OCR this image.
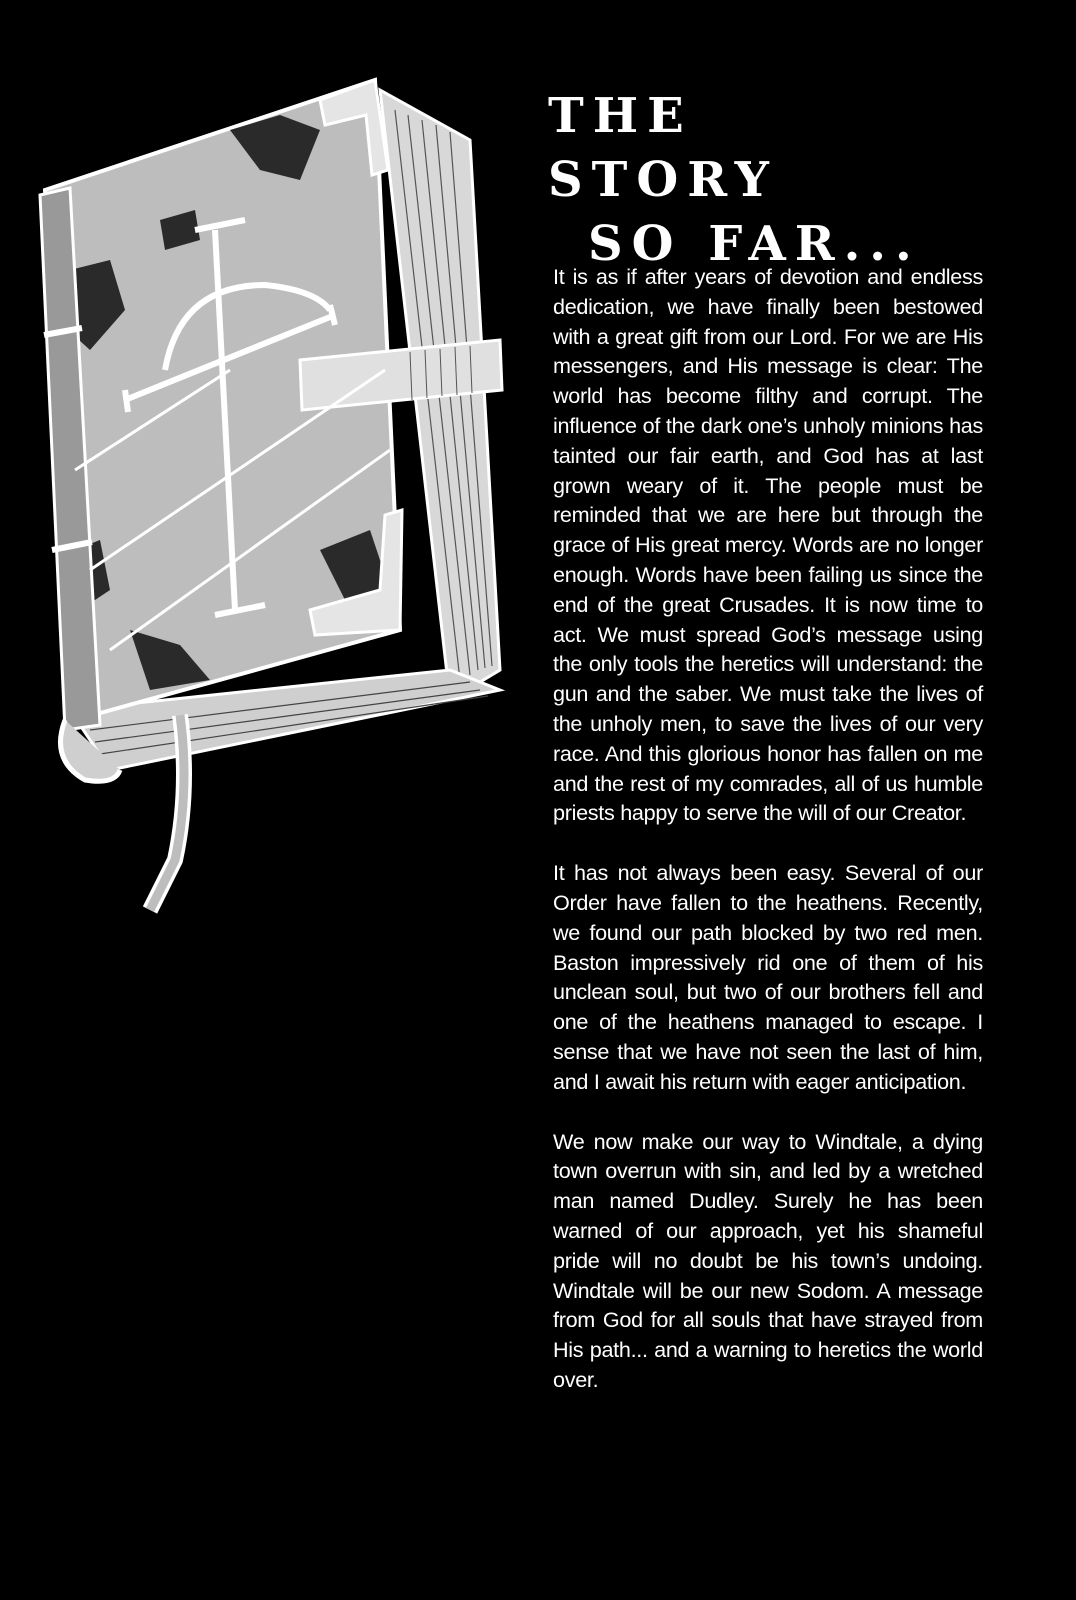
THE STORY
SO FAR...

It is as if after years of devotion and endless dedication, we have finally been bestowed with a great gift from our Lord. For we are His messengers, and His message is clear: The world has become filthy and corrupt. The influence of the dark one’s unholy minions has tainted our fair earth, and God has at last grown weary of it. The people must be reminded that we are here but through the grace of His great mercy. Words are no longer enough. Words have been failing us since the end of the great Crusades. It is now time to act. We must spread God’s message using the only tools the heretics will understand: the gun and the saber. We must take the lives of the unholy men, to save the lives of our very race. And this glorious honor has fallen on me and the rest of my comrades, all of us humble priests happy to serve the will of our Creator.

It has not always been easy. Several of our Order have fallen to the heathens. Recently, we found our path blocked by two red men. Baston impressively rid one of them of his unclean soul, but two of our brothers fell and one of the heathens managed to escape. I sense that we have not seen the last of him, and I await his return with eager anticipation.

We now make our way to Windtale, a dying town overrun with sin, and led by a wretched man named Dudley. Surely he has been warned of our approach, yet his shameful pride will no doubt be his town’s undoing. Windtale will be our new Sodom. A message from God for all souls that have strayed from His path... and a warning to heretics the world over.
